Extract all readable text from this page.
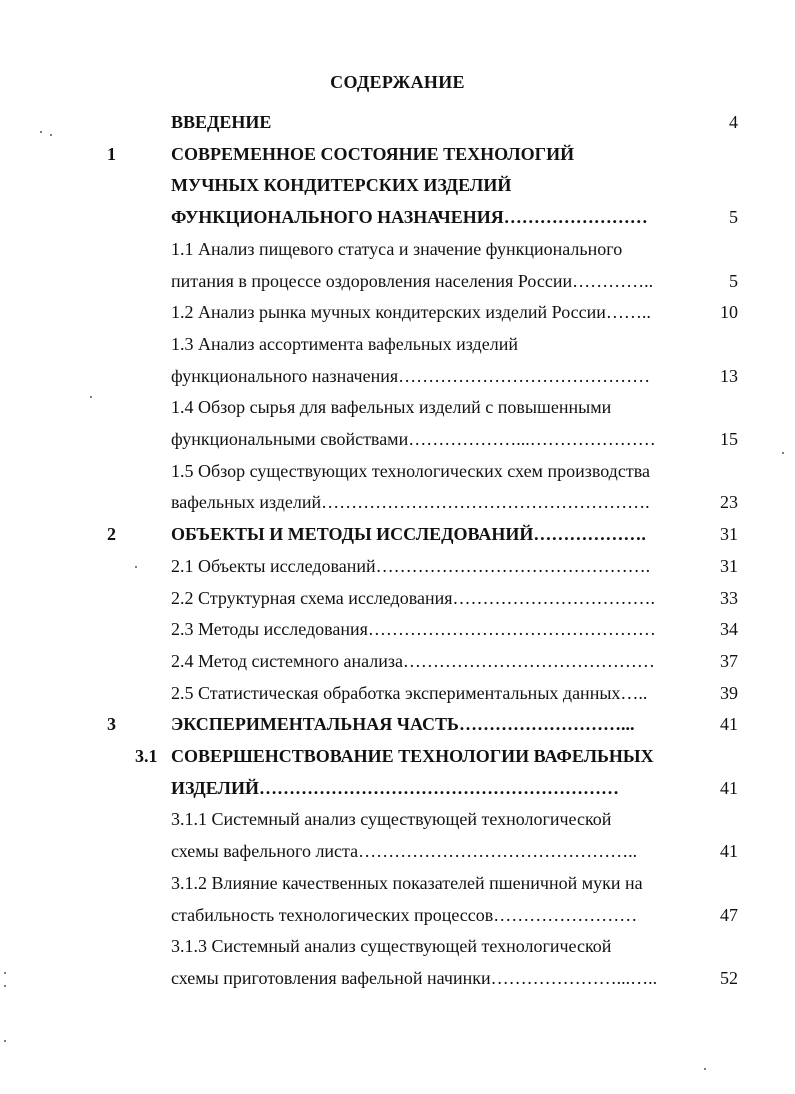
СОДЕРЖАНИЕ
ВВЕДЕНИЕ	4
1	СОВРЕМЕННОЕ СОСТОЯНИЕ ТЕХНОЛОГИЙ
МУЧНЫХ КОНДИТЕРСКИХ ИЗДЕЛИЙ
ФУНКЦИОНАЛЬНОГО НАЗНАЧЕНИЯ……………………	5
1.1 Анализ пищевого статуса и значение функционального
питания в процессе оздоровления населения России…………..	5
1.2 Анализ рынка мучных кондитерских изделий России……..	10
1.3 Анализ ассортимента вафельных изделий
функционального назначения……………………………………	13
1.4 Обзор сырья для вафельных изделий с повышенными
функциональными свойствами………………...…………………	15
1.5 Обзор существующих технологических схем производства
вафельных изделий……………………………………………….	23
2	ОБЪЕКТЫ И МЕТОДЫ ИССЛЕДОВАНИЙ……………….	31
2.1 Объекты исследований……………………………………….	31
2.2 Структурная схема исследования…………………………….	33
2.3 Методы исследования…………………………………………	34
2.4 Метод системного анализа……………………………………	37
2.5 Статистическая обработка экспериментальных данных…..	39
3	ЭКСПЕРИМЕНТАЛЬНАЯ ЧАСТЬ………………………...	41
3.1 СОВЕРШЕНСТВОВАНИЕ ТЕХНОЛОГИИ ВАФЕЛЬНЫХ
ИЗДЕЛИЙ……………………………………………………	41
3.1.1 Системный анализ существующей технологической
схемы вафельного листа………………………………………..	41
3.1.2 Влияние качественных показателей пшеничной муки на
стабильность технологических процессов……………………	47
3.1.3 Системный анализ существующей технологической
схемы приготовления вафельной начинки…………………...…..	52
